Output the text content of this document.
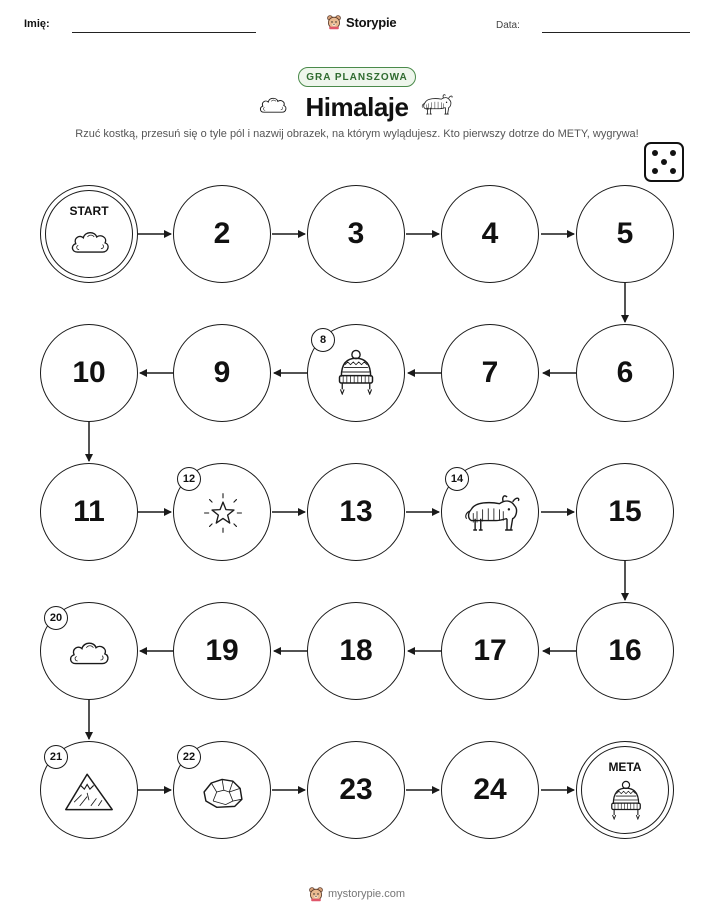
Imię:	Storypie	Data:
GRA PLANSZOWA
Himalaje
Rzuć kostką, przesuń się o tyle pól i nazwij obrazek, na którym wylądujesz. Kto pierwszy dotrze do METY, wygrywa!
START
2	3	4	5
10	9
8
7	6
11
12
13
14
15
20
19	18	17	16
21	22
23	24
META
mystorypie.com
